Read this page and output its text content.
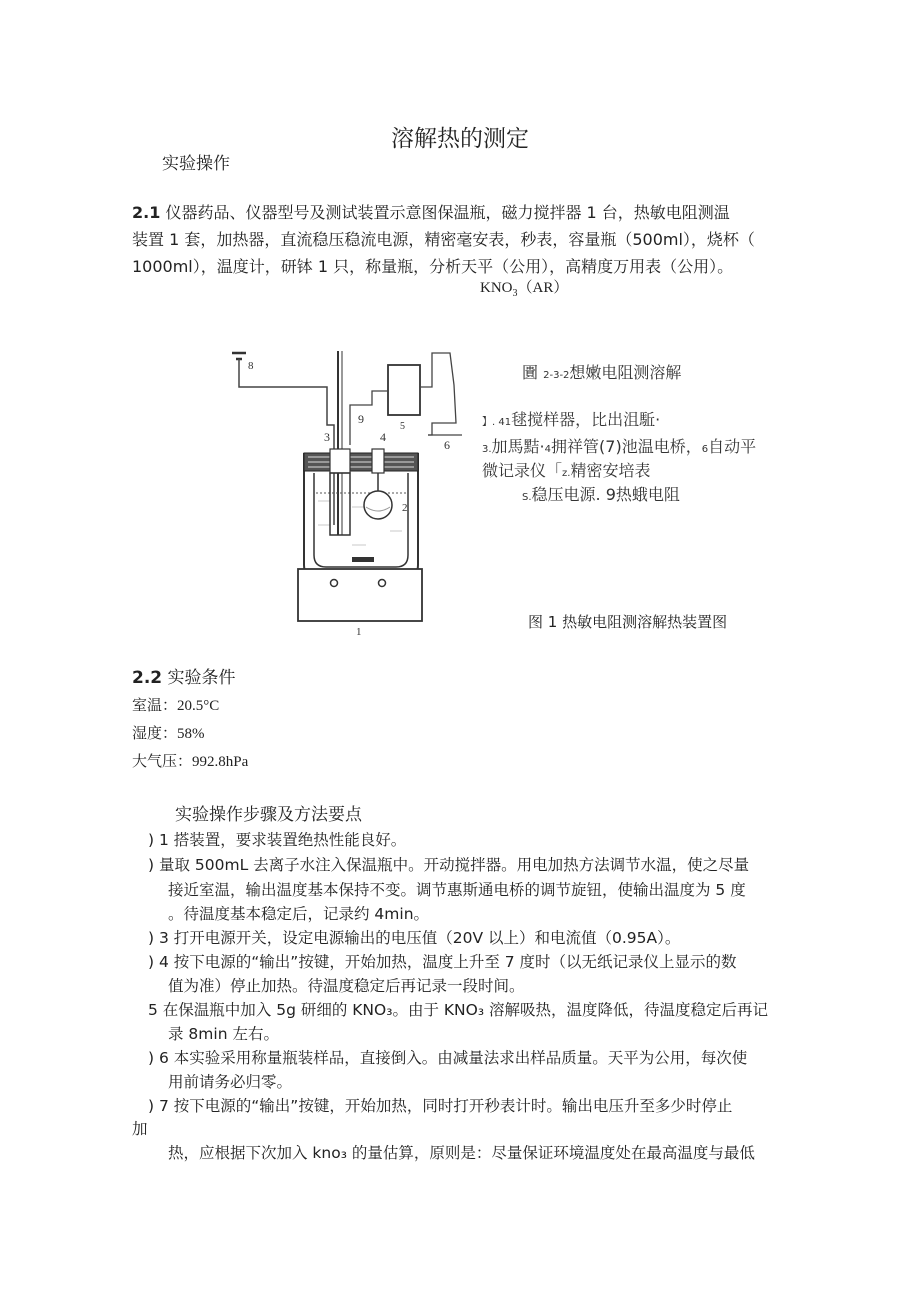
溶解热的测定
实验操作
2.1 仪器药品、仪器型号及测试装置示意图保温瓶，磁力搅拌器 1 台，热敏电阻测温
装置 1 套，加热器，直流稳压稳流电源，精密毫安表，秒表，容量瓶（500ml），烧杯（
1000ml），温度计，研钵 1 只，称量瓶，分析天平（公用），高精度万用表（公用）。
$KNO_3(AR)$
8
9
3	4
5
6
2
1
圚 2-3-2想嫩电阻测溶解
】. 41毬搅样器，比出沮駈·
3.加馬黠·4拥祥管(7)池温电桥，6自动平
微记录仪「z.精密安培表
S.稳压电源. 9热蛾电阻
图 1 热敏电阻测溶解热装置图
2.2 实验条件
室温：20.5°C
湿度：58%
大气压：992.8hPa
实验操作步骤及方法要点
) 1 搭装置，要求装置绝热性能良好。
) 量取 500mL 去离子水注入保温瓶中。开动搅拌器。用电加热方法调节水温，使之尽量
接近室温，输出温度基本保持不变。调节惠斯通电桥的调节旋钮，使输出温度为 5 度
。待温度基本稳定后，记录约 4min。
) 3 打开电源开关，设定电源输出的电压值（20V 以上）和电流值（0.95A）。
) 4 按下电源的“输出”按键，开始加热，温度上升至 7 度时（以无纸记录仪上显示的数
值为准）停止加热。待温度稳定后再记录一段时间。
5 在保温瓶中加入 5g 研细的 KNO₃。由于 KNO₃ 溶解吸热，温度降低，待温度稳定后再记
录 8min 左右。
) 6 本实验采用称量瓶装样品，直接倒入。由减量法求出样品质量。天平为公用，每次使
用前请务必归零。
) 7 按下电源的“输出”按键，开始加热，同时打开秒表计时。输出电压升至多少时停止
加
热，应根据下次加入 kno₃ 的量估算，原则是：尽量保证环境温度处在最高温度与最低
